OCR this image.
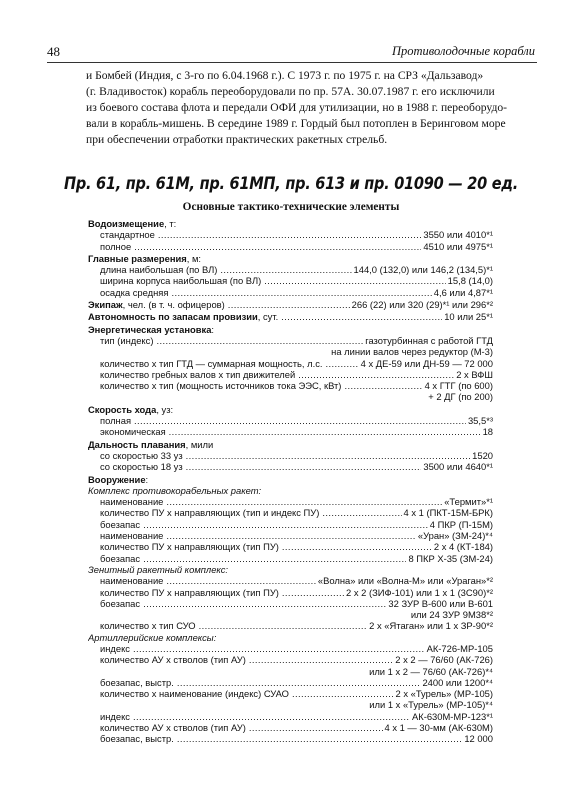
48	Противолодочные корабли
и Бомбей (Индия, с 3-го по 6.04.1968 г.). С 1973 г. по 1975 г. на СРЗ «Дальзавод»
(г. Владивосток) корабль переоборудовали по пр. 57А. 30.07.1987 г. его исключили
из боевого состава флота и передали ОФИ для утилизации, но в 1988 г. переоборудо-
вали в корабль-мишень. В середине 1989 г. Гордый был потоплен в Беринговом море
при обеспечении отработки практических ракетных стрельб.
Пр. 61, пр. 61М, пр. 61МП, пр. 613 и пр. 01090 — 20 ед.
Основные тактико-технические элементы
Водоизмещение, т:
стандартное .....	3550 или 4010*¹
полное .....	4510 или 4975*¹
Главные размерения, м:
длина наибольшая (по ВЛ) .....	144,0 (132,0) или 146,2 (134,5)*¹
ширина корпуса наибольшая (по ВЛ) .....	15,8 (14,0)
осадка средняя .....	4,6 или 4,87*¹
Экипаж, чел. (в т. ч. офицеров) .....	266 (22) или 320 (29)*¹ или 296*²
Автономность по запасам провизии, сут. .....	10 или 25*¹
Энергетическая установка:
тип (индекс) .....	газотурбинная с работой ГТД
на линии валов через редуктор (М-3)
количество х тип ГТД — суммарная мощность, л.с. .....	4 х ДЕ-59 или ДН-59 — 72 000
количество гребных валов х тип движителей .....	2 х ВФШ
количество х тип (мощность источников тока ЭЭС, кВт) .....	4 х ГТГ (по 600)
+ 2 ДГ (по 200)
Скорость хода, уз:
полная .....	35,5*³
экономическая .....	18
Дальность плавания, мили
со скоростью 33 уз .....	1520
со скоростью 18 уз .....	3500 или 4640*¹
Вооружение:
Комплекс противокорабельных ракет:
наименование .....	«Термит»*¹
количество ПУ х направляющих (тип и индекс ПУ) .....	4 х 1 (ПКТ-15М-БРК)
боезапас .....	4 ПКР (П-15М)
наименование .....	«Уран» (ЗМ-24)*⁴
количество ПУ х направляющих (тип ПУ) .....	2 х 4 (КТ-184)
боезапас .....	8 ПКР Х-35 (ЗМ-24)
Зенитный ракетный комплекс:
наименование .....	«Волна» или «Волна-М» или «Ураган»*²
количество ПУ х направляющих (тип ПУ) .....	2 х 2 (ЗИФ-101) или 1 х 1 (3С90)*²
боезапас .....	32 ЗУР В-600 или В-601
или 24 ЗУР 9М38*²
количество х тип СУО .....	2 х «Ятаган» или 1 х ЗР-90*²
Артиллерийские комплексы:
индекс .....	АК-726-МР-105
количество АУ х стволов (тип АУ) .....	2 х 2 — 76/60 (АК-726)
или 1 х 2 — 76/60 (АК-726)*⁴
боезапас, выстр. .....	2400 или 1200*⁴
количество х наименование (индекс) СУАО .....	2 х «Турель» (МР-105)
или 1 х «Турель» (МР-105)*⁴
индекс .....	АК-630М-МР-123*¹
количество АУ х стволов (тип АУ) .....	4 х 1 — 30-мм (АК-630М)
боезапас, выстр. .....	12 000
